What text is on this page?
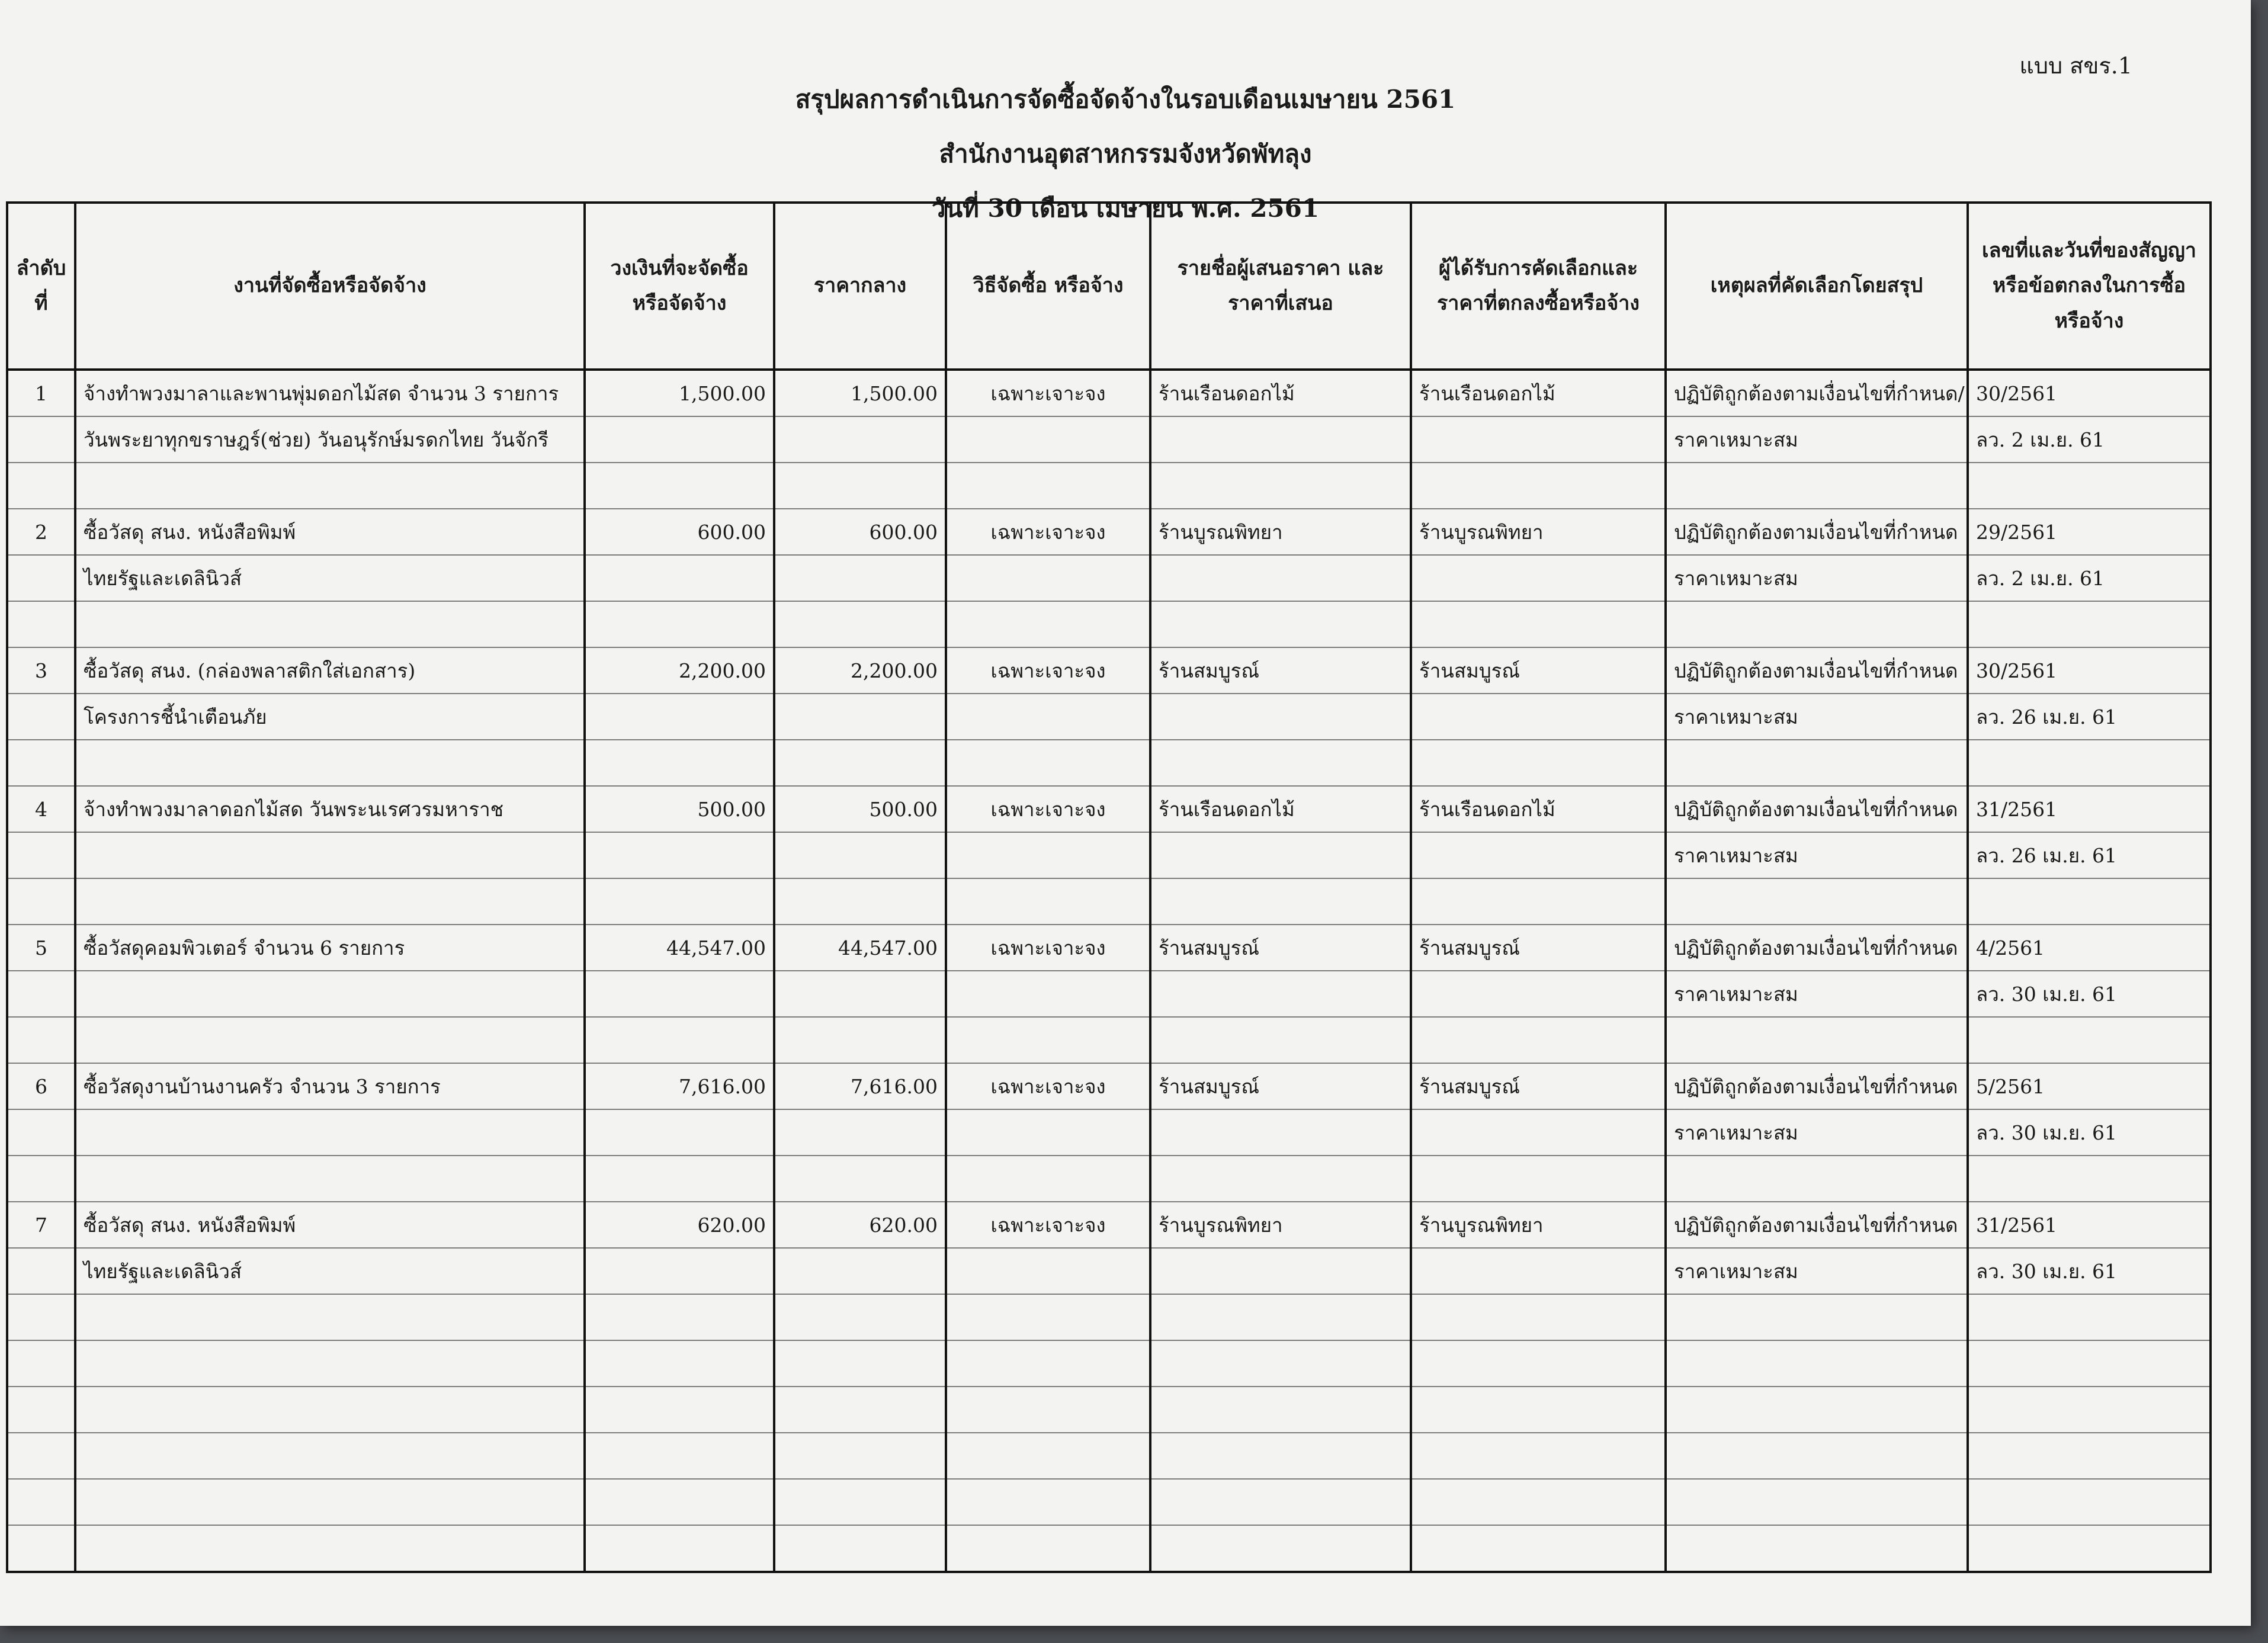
แบบ สขร.1
สรุปผลการดำเนินการจัดซื้อจัดจ้างในรอบเดือนเมษายน 2561
สำนักงานอุตสาหกรรมจังหวัดพัทลุง
วันที่ 30 เดือน เมษายน พ.ศ. 2561
ลำดับ ที่	งานที่จัดซื้อหรือจัดจ้าง	วงเงินที่จะจัดซื้อ หรือจัดจ้าง	ราคากลาง	วิธีจัดซื้อ หรือจ้าง	รายชื่อผู้เสนอราคา และราคาที่เสนอ	ผู้ได้รับการคัดเลือกและ ราคาที่ตกลงซื้อหรือจ้าง	เหตุผลที่คัดเลือกโดยสรุป	เลขที่และวันที่ของสัญญา หรือข้อตกลงในการซื้อ หรือจ้าง
1	จ้างทำพวงมาลาและพานพุ่มดอกไม้สด จำนวน 3 รายการ	1,500.00	1,500.00	เฉพาะเจาะจง	ร้านเรือนดอกไม้	ร้านเรือนดอกไม้	ปฏิบัติถูกต้องตามเงื่อนไขที่กำหนด/	30/2561
	วันพระยาทุกขราษฎร์(ช่วย) วันอนุรักษ์มรดกไทย วันจักรี						ราคาเหมาะสม	ลว. 2 เม.ย. 61

2	ซื้อวัสดุ สนง. หนังสือพิมพ์	600.00	600.00	เฉพาะเจาะจง	ร้านบูรณพิทยา	ร้านบูรณพิทยา	ปฏิบัติถูกต้องตามเงื่อนไขที่กำหนด	29/2561
	ไทยรัฐและเดลินิวส์						ราคาเหมาะสม	ลว. 2 เม.ย. 61

3	ซื้อวัสดุ สนง. (กล่องพลาสติกใส่เอกสาร)	2,200.00	2,200.00	เฉพาะเจาะจง	ร้านสมบูรณ์	ร้านสมบูรณ์	ปฏิบัติถูกต้องตามเงื่อนไขที่กำหนด	30/2561
	โครงการชี้นำเตือนภัย						ราคาเหมาะสม	ลว. 26 เม.ย. 61

4	จ้างทำพวงมาลาดอกไม้สด วันพระนเรศวรมหาราช	500.00	500.00	เฉพาะเจาะจง	ร้านเรือนดอกไม้	ร้านเรือนดอกไม้	ปฏิบัติถูกต้องตามเงื่อนไขที่กำหนด	31/2561
							ราคาเหมาะสม	ลว. 26 เม.ย. 61

5	ซื้อวัสดุคอมพิวเตอร์ จำนวน 6 รายการ	44,547.00	44,547.00	เฉพาะเจาะจง	ร้านสมบูรณ์	ร้านสมบูรณ์	ปฏิบัติถูกต้องตามเงื่อนไขที่กำหนด	4/2561
							ราคาเหมาะสม	ลว. 30 เม.ย. 61

6	ซื้อวัสดุงานบ้านงานครัว จำนวน 3 รายการ	7,616.00	7,616.00	เฉพาะเจาะจง	ร้านสมบูรณ์	ร้านสมบูรณ์	ปฏิบัติถูกต้องตามเงื่อนไขที่กำหนด	5/2561
							ราคาเหมาะสม	ลว. 30 เม.ย. 61

7	ซื้อวัสดุ สนง. หนังสือพิมพ์	620.00	620.00	เฉพาะเจาะจง	ร้านบูรณพิทยา	ร้านบูรณพิทยา	ปฏิบัติถูกต้องตามเงื่อนไขที่กำหนด	31/2561
	ไทยรัฐและเดลินิวส์						ราคาเหมาะสม	ลว. 30 เม.ย. 61
